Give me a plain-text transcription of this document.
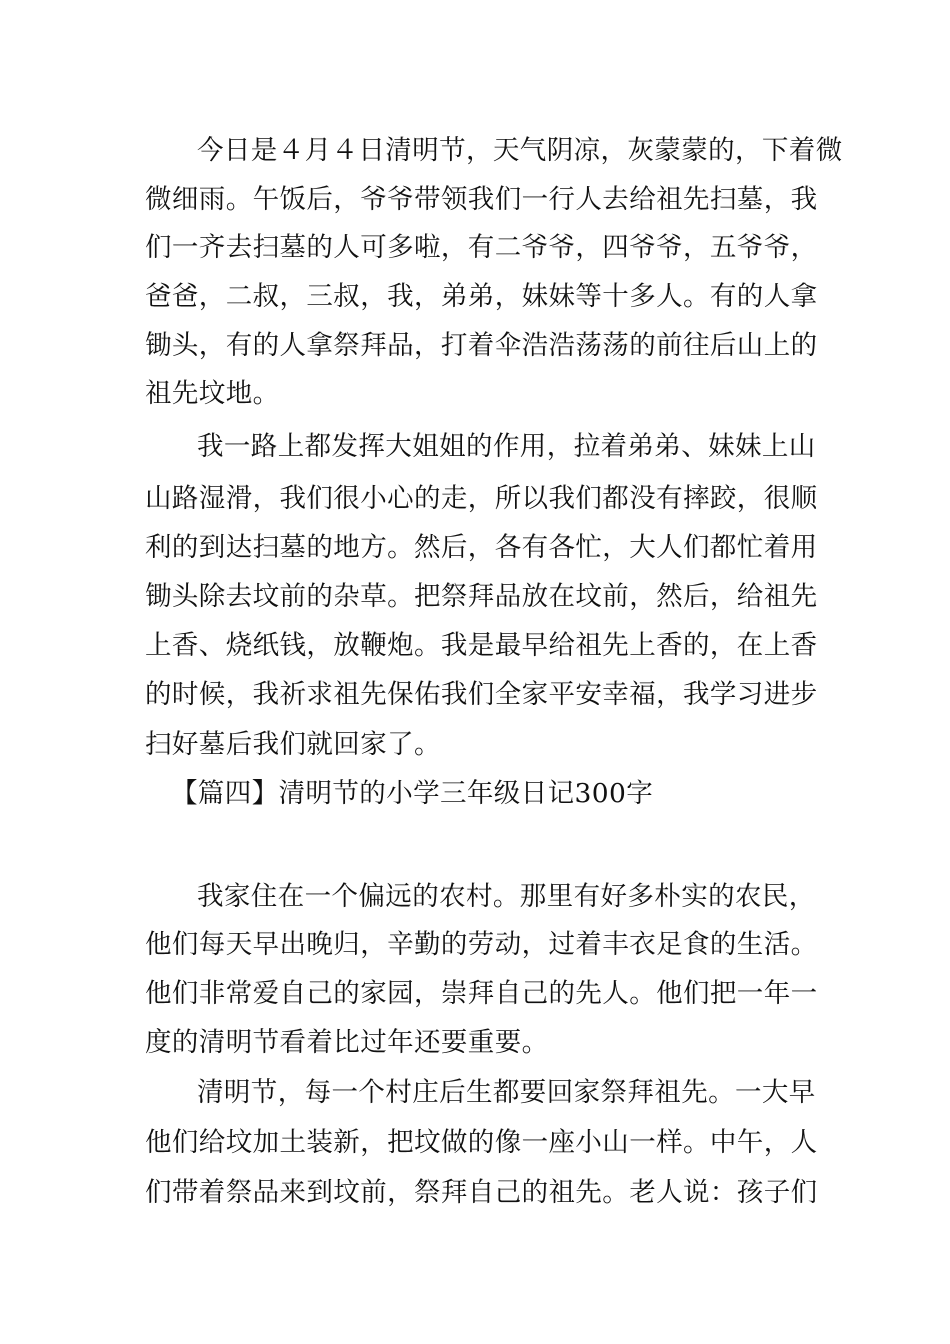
今日是４月４日清明节，天气阴凉，灰蒙蒙的，下着微
微细雨。午饭后，爷爷带领我们一行人去给祖先扫墓，我
们一齐去扫墓的人可多啦，有二爷爷，四爷爷，五爷爷，
爸爸，二叔，三叔，我，弟弟，妹妹等十多人。有的人拿
锄头，有的人拿祭拜品，打着伞浩浩荡荡的前往后山上的
祖先坟地。
我一路上都发挥大姐姐的作用，拉着弟弟、妹妹上山
山路湿滑，我们很小心的走，所以我们都没有摔跤，很顺
利的到达扫墓的地方。然后，各有各忙，大人们都忙着用
锄头除去坟前的杂草。把祭拜品放在坟前，然后，给祖先
上香、烧纸钱，放鞭炮。我是最早给祖先上香的，在上香
的时候，我祈求祖先保佑我们全家平安幸福，我学习进步
扫好墓后我们就回家了。
【篇四】清明节的小学三年级日记300字
我家住在一个偏远的农村。那里有好多朴实的农民，
他们每天早出晚归，辛勤的劳动，过着丰衣足食的生活。
他们非常爱自己的家园，崇拜自己的先人。他们把一年一
度的清明节看着比过年还要重要。
清明节，每一个村庄后生都要回家祭拜祖先。一大早
他们给坟加土装新，把坟做的像一座小山一样。中午，人
们带着祭品来到坟前，祭拜自己的祖先。老人说：孩子们
